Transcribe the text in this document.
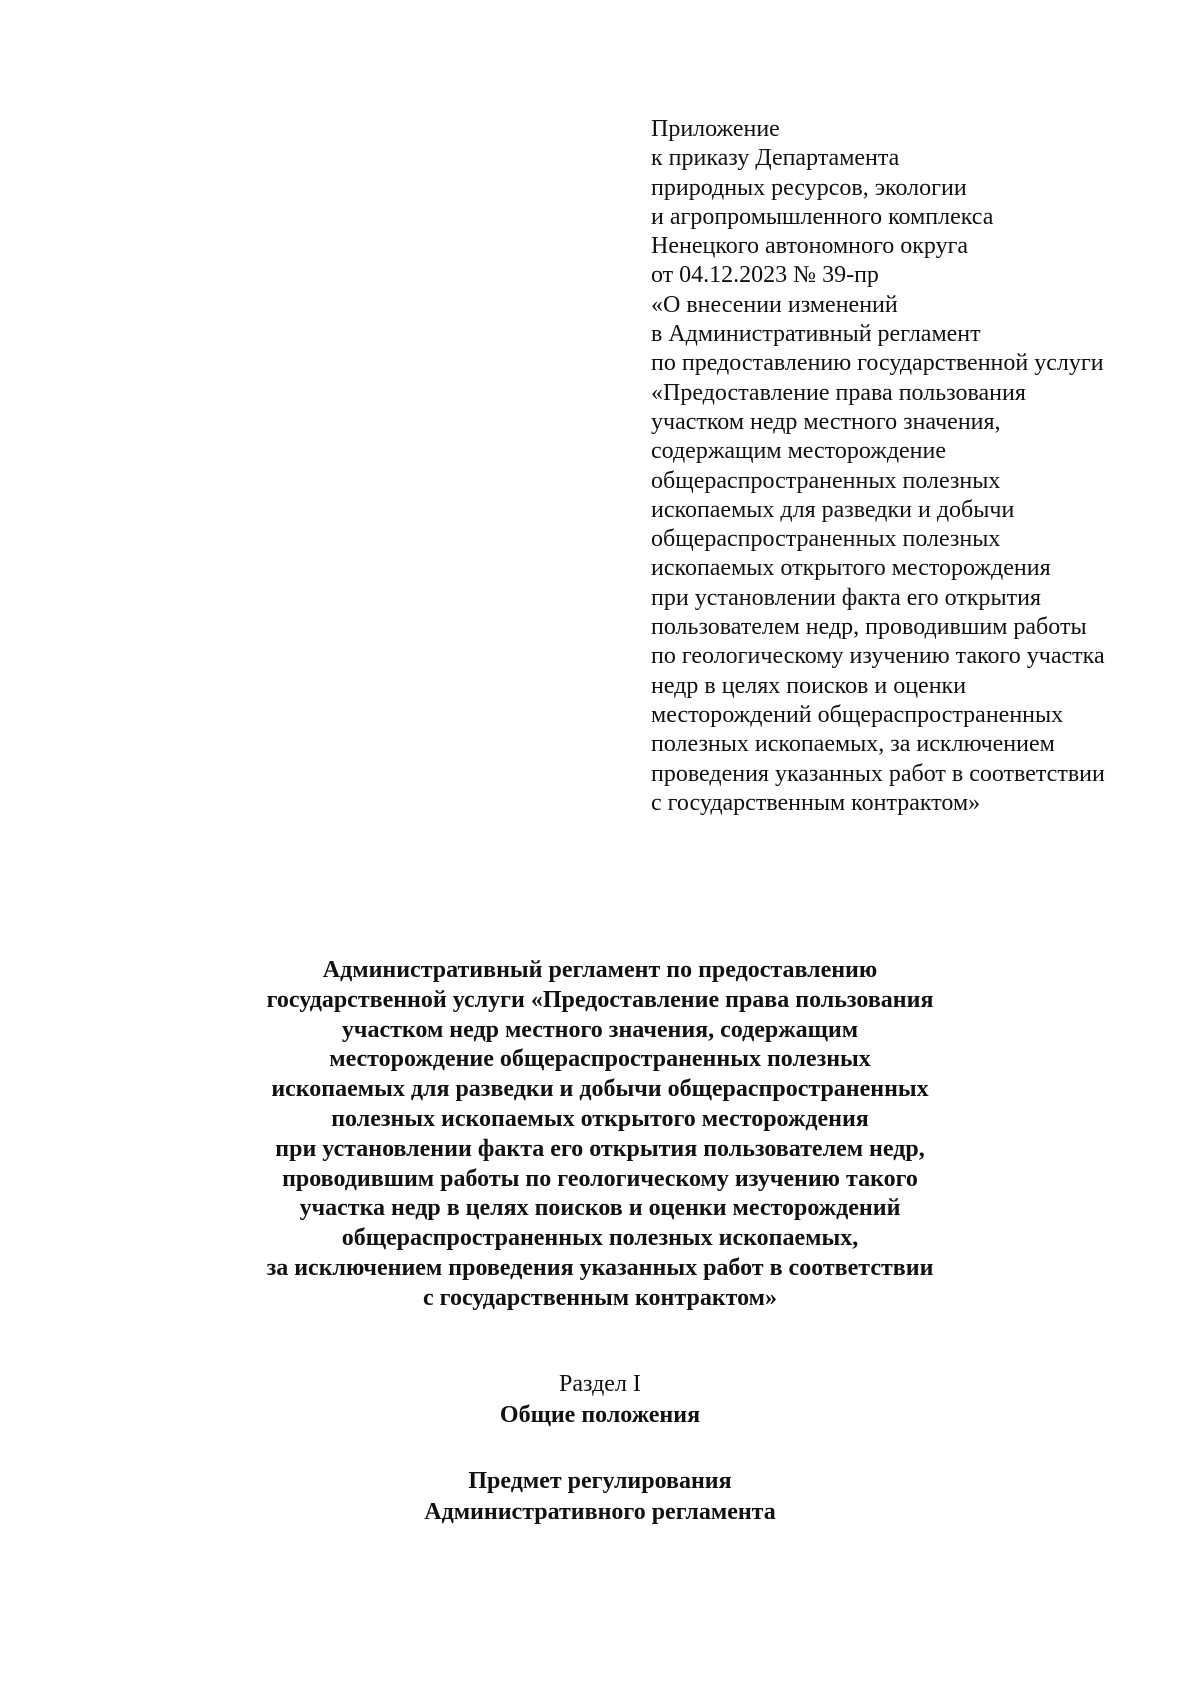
Приложение
к приказу Департамента
природных ресурсов, экологии
и агропромышленного комплекса
Ненецкого автономного округа
от 04.12.2023 № 39-пр
«О внесении изменений
в Административный регламент
по предоставлению государственной услуги
«Предоставление права пользования
участком недр местного значения,
содержащим месторождение
общераспространенных полезных
ископаемых для разведки и добычи
общераспространенных полезных
ископаемых открытого месторождения
при установлении факта его открытия
пользователем недр, проводившим работы
по геологическому изучению такого участка
недр в целях поисков и оценки
месторождений общераспространенных
полезных ископаемых, за исключением
проведения указанных работ в соответствии
с государственным контрактом»
Административный регламент по предоставлению
государственной услуги «Предоставление права пользования
участком недр местного значения, содержащим
месторождение общераспространенных полезных
ископаемых для разведки и добычи общераспространенных
полезных ископаемых открытого месторождения
при установлении факта его открытия пользователем недр,
проводившим работы по геологическому изучению такого
участка недр в целях поисков и оценки месторождений
общераспространенных полезных ископаемых,
за исключением проведения указанных работ в соответствии
с государственным контрактом»
Раздел I
Общие положения
Предмет регулирования
Административного регламента
